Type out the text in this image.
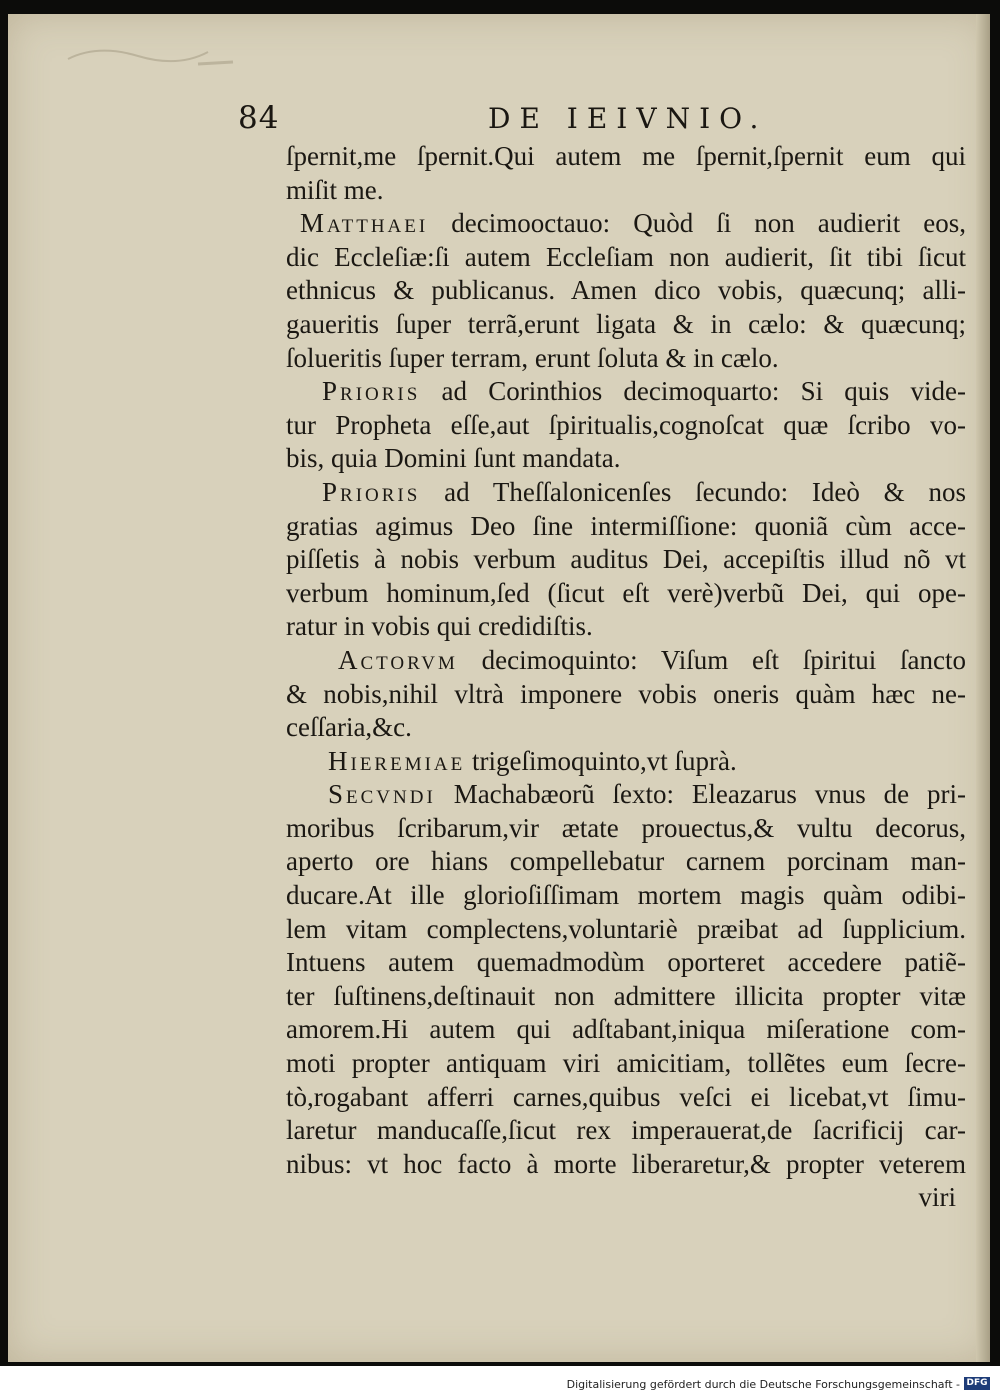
84	DE IEIVNIO.
ſpernit,me ſpernit.Qui autem me ſpernit,ſpernit eum qui
miſit me.
Matthaei decimooctauo: Quòd ſi non audierit eos,
dic Eccleſiæ:ſi autem Eccleſiam non audierit, ſit tibi ſicut
ethnicus & publicanus. Amen dico vobis, quæcunq; alli-
gaueritis ſuper terrã,erunt ligata & in cælo: & quæcunq;
ſolueritis ſuper terram, erunt ſoluta & in cælo.
Prioris ad Corinthios decimoquarto: Si quis vide-
tur Propheta eſſe,aut ſpiritualis,cognoſcat quæ ſcribo vo-
bis, quia Domini ſunt mandata.
Prioris ad Theſſalonicenſes ſecundo: Ideò & nos
gratias agimus Deo ſine intermiſſione: quoniã cùm acce-
piſſetis à nobis verbum auditus Dei, accepiſtis illud nõ vt
verbum hominum,ſed (ſicut eſt verè)verbũ Dei, qui ope-
ratur in vobis qui credidiſtis.
Actorvm decimoquinto: Viſum eſt ſpiritui ſancto
& nobis,nihil vltrà imponere vobis oneris quàm hæc ne-
ceſſaria,&c.
Hieremiae trigeſimoquinto,vt ſuprà.
Secvndi Machabæorũ ſexto: Eleazarus vnus de pri-
moribus ſcribarum,vir ætate prouectus,& vultu decorus,
aperto ore hians compellebatur carnem porcinam man-
ducare.At ille glorioſiſſimam mortem magis quàm odibi-
lem vitam complectens,voluntariè præibat ad ſupplicium.
Intuens autem quemadmodùm oporteret accedere patiẽ-
ter ſuſtinens,deſtinauit non admittere illicita propter vitæ
amorem.Hi autem qui adſtabant,iniqua miſeratione com-
moti propter antiquam viri amicitiam, tollẽtes eum ſecre-
tò,rogabant afferri carnes,quibus veſci ei licebat,vt ſimu-
laretur manducaſſe,ſicut rex imperauerat,de ſacrificij car-
nibus: vt hoc facto à morte liberaretur,& propter veterem
viri
Digitalisierung gefördert durch die Deutsche Forschungsgemeinschaft - DFG
